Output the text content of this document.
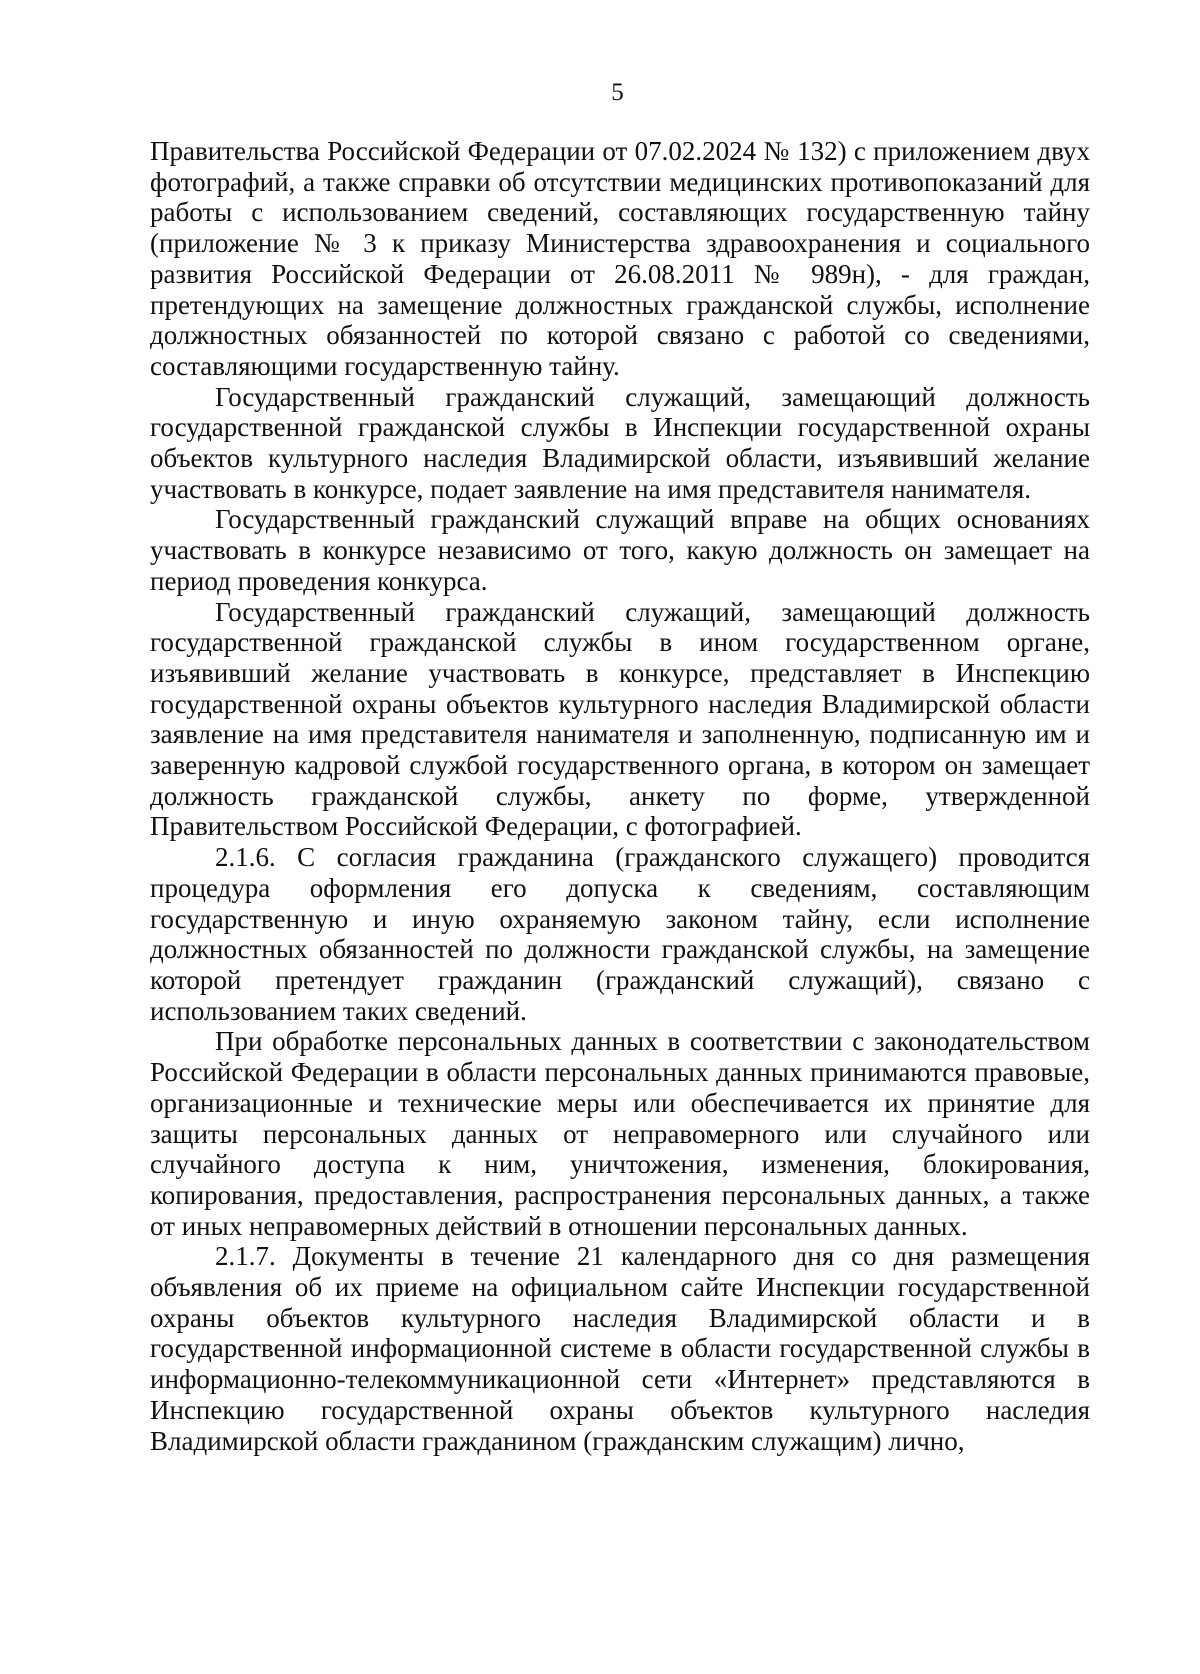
5

Правительства Российской Федерации от 07.02.2024 № 132) с приложением двух фотографий, а также справки об отсутствии медицинских противопоказаний для работы с использованием сведений, составляющих государственную тайну (приложение № 3 к приказу Министерства здравоохранения и социального развития Российской Федерации от 26.08.2011 № 989н), - для граждан, претендующих на замещение должностных гражданской службы, исполнение должностных обязанностей по которой связано с работой со сведениями, составляющими государственную тайну.

Государственный гражданский служащий, замещающий должность государственной гражданской службы в Инспекции государственной охраны объектов культурного наследия Владимирской области, изъявивший желание участвовать в конкурсе, подает заявление на имя представителя нанимателя.

Государственный гражданский служащий вправе на общих основаниях участвовать в конкурсе независимо от того, какую должность он замещает на период проведения конкурса.

Государственный гражданский служащий, замещающий должность государственной гражданской службы в ином государственном органе, изъявивший желание участвовать в конкурсе, представляет в Инспекцию государственной охраны объектов культурного наследия Владимирской области заявление на имя представителя нанимателя и заполненную, подписанную им и заверенную кадровой службой государственного органа, в котором он замещает должность гражданской службы, анкету по форме, утвержденной Правительством Российской Федерации, с фотографией.

2.1.6. С согласия гражданина (гражданского служащего) проводится процедура оформления его допуска к сведениям, составляющим государственную и иную охраняемую законом тайну, если исполнение должностных обязанностей по должности гражданской службы, на замещение которой претендует гражданин (гражданский служащий), связано с использованием таких сведений.

При обработке персональных данных в соответствии с законодательством Российской Федерации в области персональных данных принимаются правовые, организационные и технические меры или обеспечивается их принятие для защиты персональных данных от неправомерного или случайного или случайного доступа к ним, уничтожения, изменения, блокирования, копирования, предоставления, распространения персональных данных, а также от иных неправомерных действий в отношении персональных данных.

2.1.7. Документы в течение 21 календарного дня со дня размещения объявления об их приеме на официальном сайте Инспекции государственной охраны объектов культурного наследия Владимирской области и в государственной информационной системе в области государственной службы в информационно-телекоммуникационной сети «Интернет» представляются в Инспекцию государственной охраны объектов культурного наследия Владимирской области гражданином (гражданским служащим) лично,
